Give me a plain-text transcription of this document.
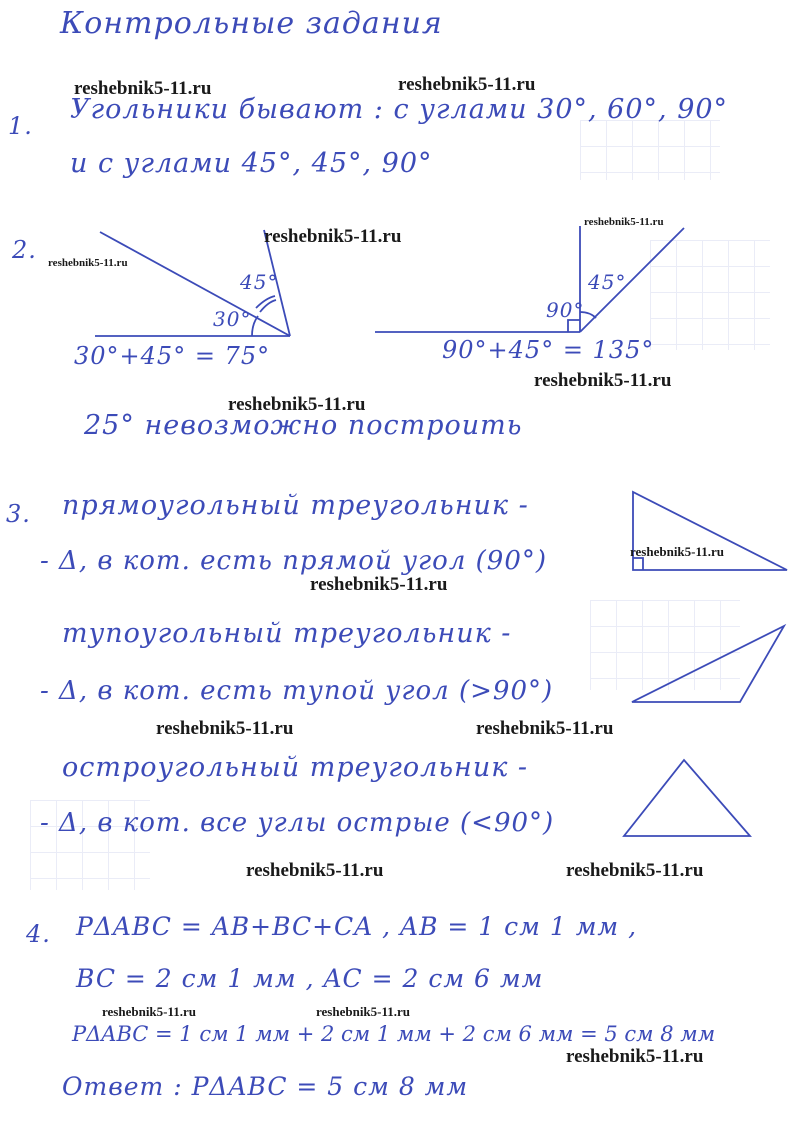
Контрольные задания
1.
Угольники бывают : с углами 30°, 60°, 90°
и с углами 45°, 45°, 90°
2.
30°
45°
90°
45°
30°+45° = 75°	90°+45° = 135°
25° невозможно построить
3. прямоугольный треугольник -
- Δ, в кот. есть прямой угол (90°)
тупоугольный треугольник -
- Δ, в кот. есть тупой угол (>90°)
остроугольный треугольник -
- Δ, в кот. все углы острые (<90°)
4. PΔABC = AB+BC+CA , AB = 1 см 1 мм ,
BC = 2 см 1 мм , AC = 2 см 6 мм
PΔABC = 1 см 1 мм + 2 см 1 мм + 2 см 6 мм = 5 см 8 мм
Ответ : PΔABC = 5 см 8 мм
reshebnik5-11.ru	reshebnik5-11.ru
reshebnik5-11.ru
reshebnik5-11.ru
reshebnik5-11.ru
reshebnik5-11.ru
reshebnik5-11.ru
reshebnik5-11.ru
reshebnik5-11.ru
reshebnik5-11.ru	reshebnik5-11.ru
reshebnik5-11.ru	reshebnik5-11.ru
reshebnik5-11.ru	reshebnik5-11.ru
reshebnik5-11.ru
